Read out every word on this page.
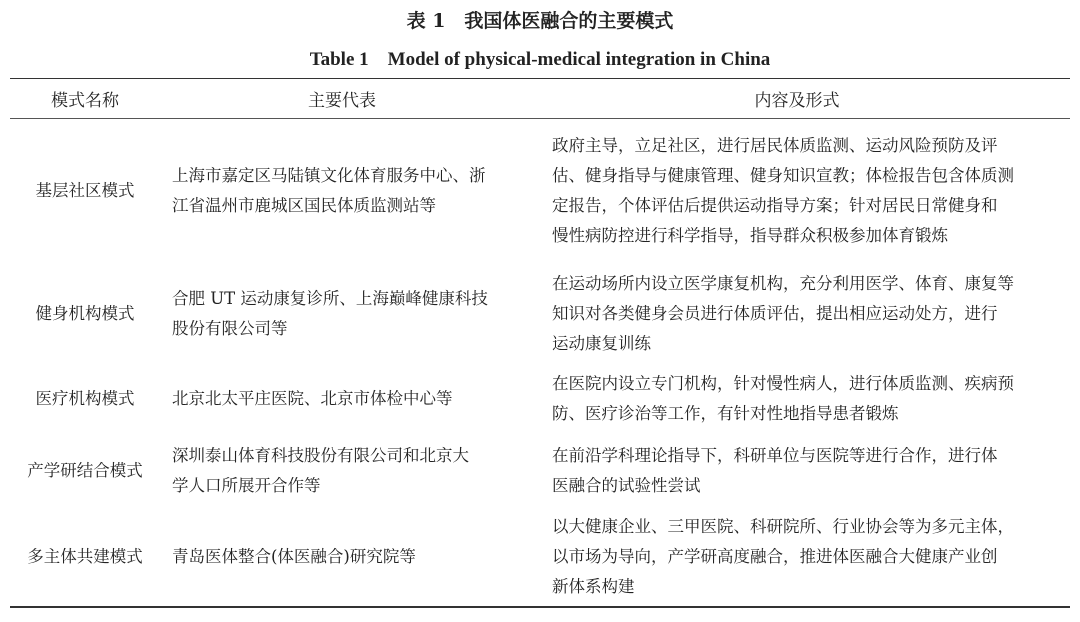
表 1　我国体医融合的主要模式
Table 1　Model of physical-medical integration in China
模式名称	主要代表	内容及形式
基层社区模式	上海市嘉定区马陆镇文化体育服务中心、浙
江省温州市鹿城区国民体质监测站等	政府主导，立足社区，进行居民体质监测、运动风险预防及评
估、健身指导与健康管理、健身知识宣教；体检报告包含体质测
定报告，个体评估后提供运动指导方案；针对居民日常健身和
慢性病防控进行科学指导，指导群众积极参加体育锻炼

健身机构模式	合肥 UT 运动康复诊所、上海巅峰健康科技
股份有限公司等	在运动场所内设立医学康复机构，充分利用医学、体育、康复等
知识对各类健身会员进行体质评估，提出相应运动处方，进行
运动康复训练

医疗机构模式	北京北太平庄医院、北京市体检中心等	在医院内设立专门机构，针对慢性病人，进行体质监测、疾病预
防、医疗诊治等工作，有针对性地指导患者锻炼

产学研结合模式	深圳泰山体育科技股份有限公司和北京大
学人口所展开合作等	在前沿学科理论指导下，科研单位与医院等进行合作，进行体
医融合的试验性尝试

多主体共建模式	青岛医体整合(体医融合)研究院等	以大健康企业、三甲医院、科研院所、行业协会等为多元主体，
以市场为导向，产学研高度融合，推进体医融合大健康产业创
新体系构建
